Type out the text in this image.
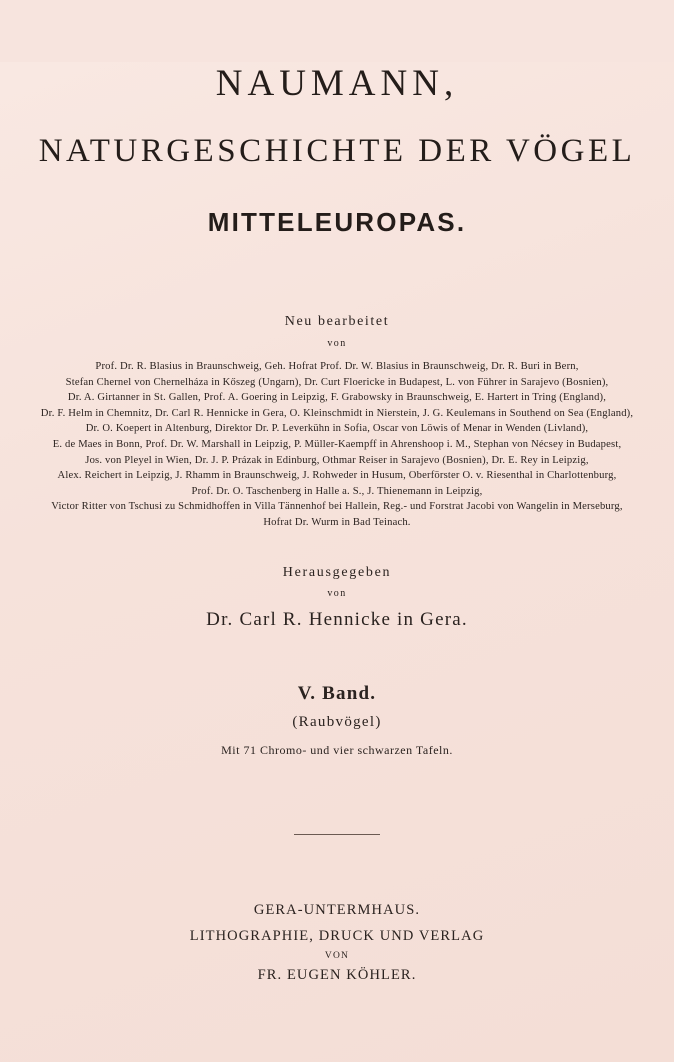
NAUMANN,
NATURGESCHICHTE DER VÖGEL
MITTELEUROPAS.
Neu bearbeitet
von
Prof. Dr. R. Blasius in Braunschweig, Geh. Hofrat Prof. Dr. W. Blasius in Braunschweig, Dr. R. Buri in Bern,
Stefan Chernel von Chernelháza in Kőszeg (Ungarn), Dr. Curt Floericke in Budapest, L. von Führer in Sarajevo (Bosnien),
Dr. A. Girtanner in St. Gallen, Prof. A. Goering in Leipzig, F. Grabowsky in Braunschweig, E. Hartert in Tring (England),
Dr. F. Helm in Chemnitz, Dr. Carl R. Hennicke in Gera, O. Kleinschmidt in Nierstein, J. G. Keulemans in Southend on Sea (England),
Dr. O. Koepert in Altenburg, Direktor Dr. P. Leverkühn in Sofia, Oscar von Löwis of Menar in Wenden (Livland),
E. de Maes in Bonn, Prof. Dr. W. Marshall in Leipzig, P. Müller-Kaempff in Ahrenshoop i. M., Stephan von Nécsey in Budapest,
Jos. von Pleyel in Wien, Dr. J. P. Prázak in Edinburg, Othmar Reiser in Sarajevo (Bosnien), Dr. E. Rey in Leipzig,
Alex. Reichert in Leipzig, J. Rhamm in Braunschweig, J. Rohweder in Husum, Oberförster O. v. Riesenthal in Charlottenburg,
Prof. Dr. O. Taschenberg in Halle a. S., J. Thienemann in Leipzig,
Victor Ritter von Tschusi zu Schmidhoffen in Villa Tännenhof bei Hallein, Reg.- und Forstrat Jacobi von Wangelin in Merseburg,
Hofrat Dr. Wurm in Bad Teinach.
Herausgegeben
von
Dr. Carl R. Hennicke in Gera.
V. Band.
(Raubvögel)
Mit 71 Chromo- und vier schwarzen Tafeln.
GERA-UNTERMHAUS.
LITHOGRAPHIE, DRUCK UND VERLAG
VON
FR. EUGEN KÖHLER.
